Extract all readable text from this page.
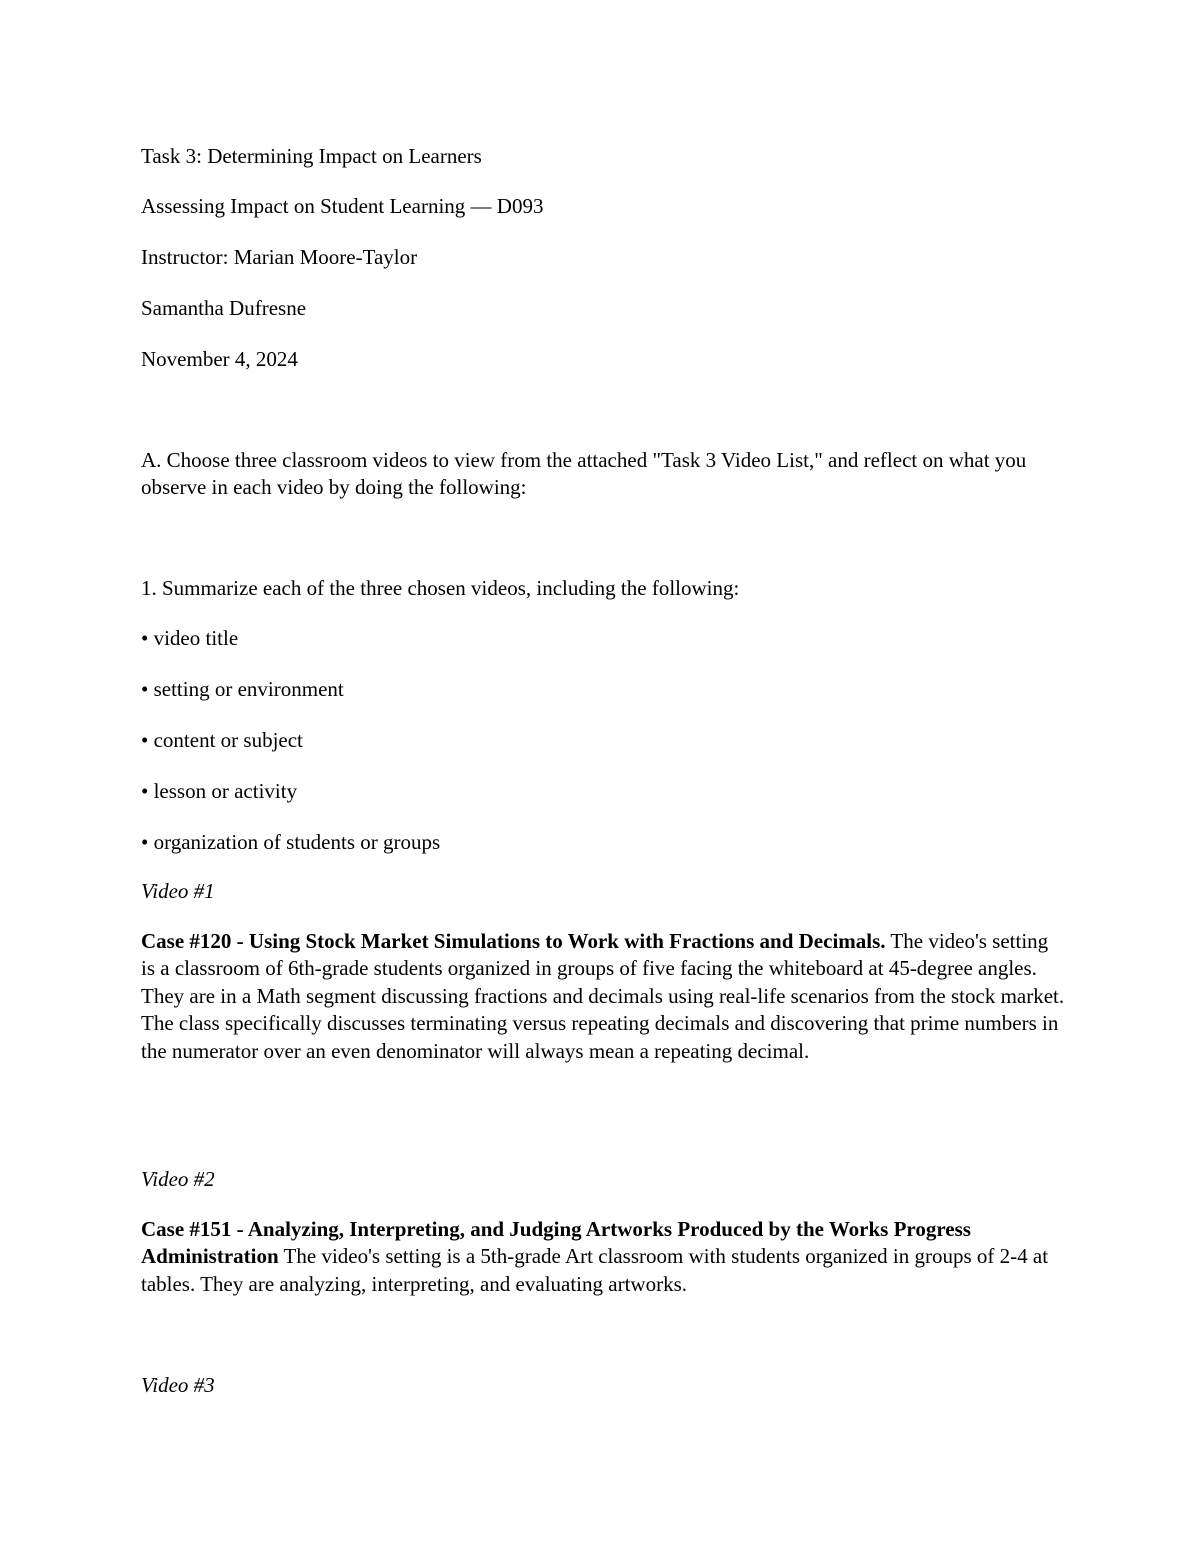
Task 3: Determining Impact on Learners
Assessing Impact on Student Learning — D093
Instructor: Marian Moore-Taylor
Samantha Dufresne
November 4, 2024
A. Choose three classroom videos to view from the attached "Task 3 Video List," and reflect on what you observe in each video by doing the following:
1. Summarize each of the three chosen videos, including the following:
• video title
• setting or environment
• content or subject
• lesson or activity
• organization of students or groups
Video #1
Case #120 - Using Stock Market Simulations to Work with Fractions and Decimals. The video's setting is a classroom of 6th-grade students organized in groups of five facing the whiteboard at 45-degree angles. They are in a Math segment discussing fractions and decimals using real-life scenarios from the stock market. The class specifically discusses terminating versus repeating decimals and discovering that prime numbers in the numerator over an even denominator will always mean a repeating decimal.
Video #2
Case #151 - Analyzing, Interpreting, and Judging Artworks Produced by the Works Progress Administration The video's setting is a 5th-grade Art classroom with students organized in groups of 2-4 at tables. They are analyzing, interpreting, and evaluating artworks.
Video #3
